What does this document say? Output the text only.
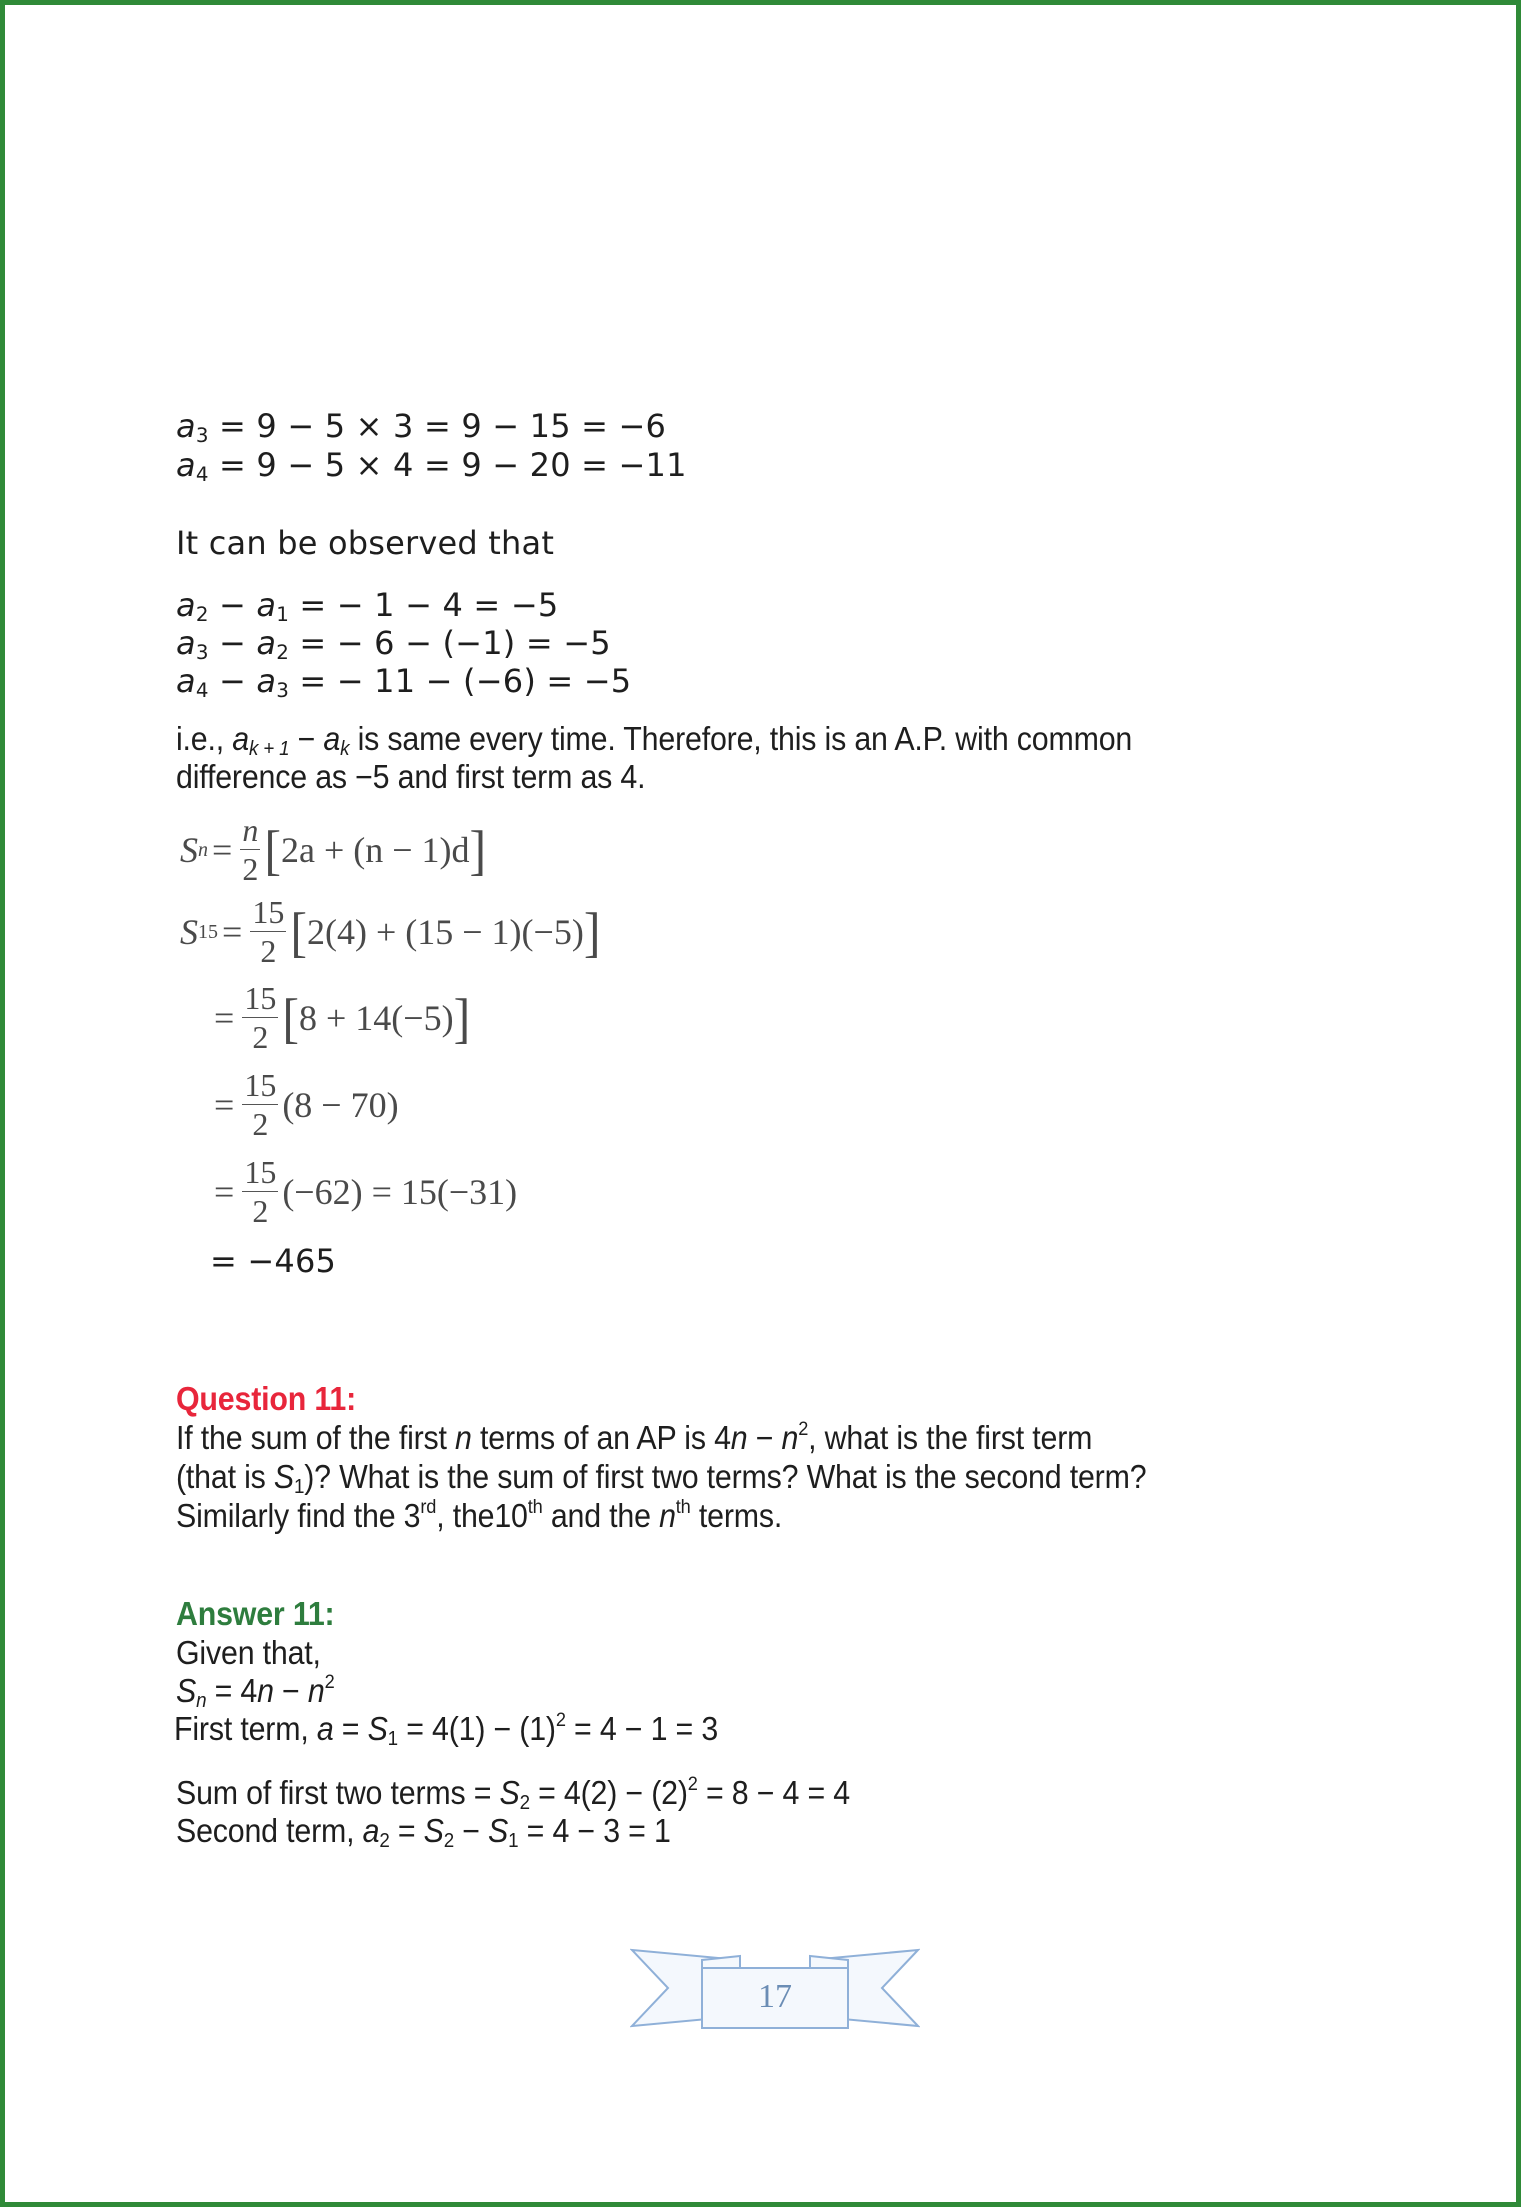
$a_3 = 9 - 5 \times 3 = 9 - 15 = -6$
$a_4 = 9 - 5 \times 4 = 9 - 20 = -11$
It can be observed that
$a_2 - a_1$ = − 1 − 4 = −5
$a_3 - a_2$ = − 6 − (−1) = −5
$a_4 - a_3$ = − 11 − (−6) = −5
i.e., $a_{k + 1} - a_k$ is same every time. Therefore, this is an A.P. with common
difference as −5 and first term as 4.
S $n = \frac{n}{2}$ [ 2a + (n − 1)d ]
S $15 = \frac{15}{2}$ [ 2(4) + (15 − 1)(−5) ]
= $\frac{15}{2}$ [ 8 + 14(−5) ]
= $\frac{15}{2} (8 - 70)$
= $\frac{15}{2} (-62) = 15(-31)$
= −465
Question 11:
If the sum of the first n terms of an AP is $4n - n^2$, what is the first term
(that is $S_1$)? What is the sum of first two terms? What is the second term?
Similarly find the 3rd, the10th and the $n^{th}$ terms.
Answer 11:
Given that,
$S_n = 4n - n^2$
First term, $a = S_1 = 4(1) - (1)^2 = 4 - 1 = 3$
Sum of first two terms = $S_2 = 4(2) - (2)^2 = 8 - 4 = 4$
Second term, $a_2 = S_2 - S_1 = 4 - 3 = 1$
17
